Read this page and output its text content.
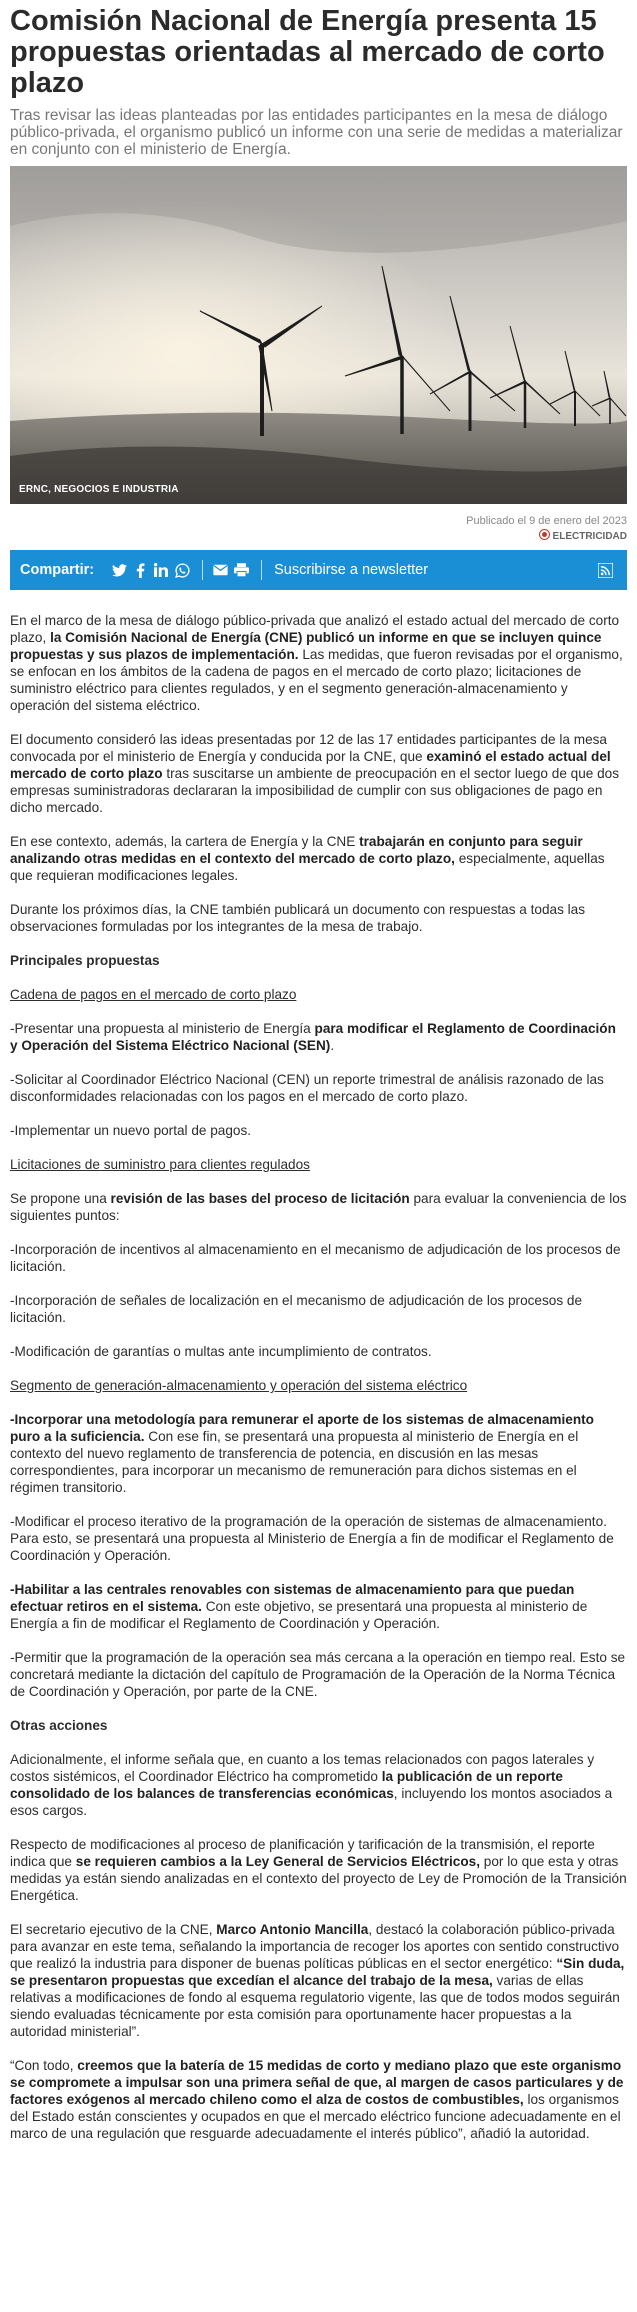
Comisión Nacional de Energía presenta 15 propuestas orientadas al mercado de corto plazo

Tras revisar las ideas planteadas por las entidades participantes en la mesa de diálogo público-privada, el organismo publicó un informe con una serie de medidas a materializar en conjunto con el ministerio de Energía.

ERNC, NEGOCIOS E INDUSTRIA
Publicado el 9 de enero del 2023
ELECTRICIDAD
Compartir:	Suscribirse a newsletter

En el marco de la mesa de diálogo público-privada que analizó el estado actual del mercado de corto plazo, la Comisión Nacional de Energía (CNE) publicó un informe en que se incluyen quince propuestas y sus plazos de implementación. Las medidas, que fueron revisadas por el organismo, se enfocan en los ámbitos de la cadena de pagos en el mercado de corto plazo; licitaciones de suministro eléctrico para clientes regulados, y en el segmento generación-almacenamiento y operación del sistema eléctrico.

El documento consideró las ideas presentadas por 12 de las 17 entidades participantes de la mesa convocada por el ministerio de Energía y conducida por la CNE, que examinó el estado actual del mercado de corto plazo tras suscitarse un ambiente de preocupación en el sector luego de que dos empresas suministradoras declararan la imposibilidad de cumplir con sus obligaciones de pago en dicho mercado.

En ese contexto, además, la cartera de Energía y la CNE trabajarán en conjunto para seguir analizando otras medidas en el contexto del mercado de corto plazo, especialmente, aquellas que requieran modificaciones legales.

Durante los próximos días, la CNE también publicará un documento con respuestas a todas las observaciones formuladas por los integrantes de la mesa de trabajo.

Principales propuestas

Cadena de pagos en el mercado de corto plazo

-Presentar una propuesta al ministerio de Energía para modificar el Reglamento de Coordinación y Operación del Sistema Eléctrico Nacional (SEN).

-Solicitar al Coordinador Eléctrico Nacional (CEN) un reporte trimestral de análisis razonado de las disconformidades relacionadas con los pagos en el mercado de corto plazo.

-Implementar un nuevo portal de pagos.

Licitaciones de suministro para clientes regulados

Se propone una revisión de las bases del proceso de licitación para evaluar la conveniencia de los siguientes puntos:

-Incorporación de incentivos al almacenamiento en el mecanismo de adjudicación de los procesos de licitación.

-Incorporación de señales de localización en el mecanismo de adjudicación de los procesos de licitación.

-Modificación de garantías o multas ante incumplimiento de contratos.

Segmento de generación-almacenamiento y operación del sistema eléctrico

-Incorporar una metodología para remunerar el aporte de los sistemas de almacenamiento puro a la suficiencia. Con ese fin, se presentará una propuesta al ministerio de Energía en el contexto del nuevo reglamento de transferencia de potencia, en discusión en las mesas correspondientes, para incorporar un mecanismo de remuneración para dichos sistemas en el régimen transitorio.

-Modificar el proceso iterativo de la programación de la operación de sistemas de almacenamiento. Para esto, se presentará una propuesta al Ministerio de Energía a fin de modificar el Reglamento de Coordinación y Operación.

-Habilitar a las centrales renovables con sistemas de almacenamiento para que puedan efectuar retiros en el sistema. Con este objetivo, se presentará una propuesta al ministerio de Energía a fin de modificar el Reglamento de Coordinación y Operación.

-Permitir que la programación de la operación sea más cercana a la operación en tiempo real. Esto se concretará mediante la dictación del capítulo de Programación de la Operación de la Norma Técnica de Coordinación y Operación, por parte de la CNE.

Otras acciones

Adicionalmente, el informe señala que, en cuanto a los temas relacionados con pagos laterales y costos sistémicos, el Coordinador Eléctrico ha comprometido la publicación de un reporte consolidado de los balances de transferencias económicas, incluyendo los montos asociados a esos cargos.

Respecto de modificaciones al proceso de planificación y tarificación de la transmisión, el reporte indica que se requieren cambios a la Ley General de Servicios Eléctricos, por lo que esta y otras medidas ya están siendo analizadas en el contexto del proyecto de Ley de Promoción de la Transición Energética.

El secretario ejecutivo de la CNE, Marco Antonio Mancilla, destacó la colaboración público-privada para avanzar en este tema, señalando la importancia de recoger los aportes con sentido constructivo que realizó la industria para disponer de buenas políticas públicas en el sector energético: “Sin duda, se presentaron propuestas que excedían el alcance del trabajo de la mesa, varias de ellas relativas a modificaciones de fondo al esquema regulatorio vigente, las que de todos modos seguirán siendo evaluadas técnicamente por esta comisión para oportunamente hacer propuestas a la autoridad ministerial”.

“Con todo, creemos que la batería de 15 medidas de corto y mediano plazo que este organismo se compromete a impulsar son una primera señal de que, al margen de casos particulares y de factores exógenos al mercado chileno como el alza de costos de combustibles, los organismos del Estado están conscientes y ocupados en que el mercado eléctrico funcione adecuadamente en el marco de una regulación que resguarde adecuadamente el interés público”, añadió la autoridad.
